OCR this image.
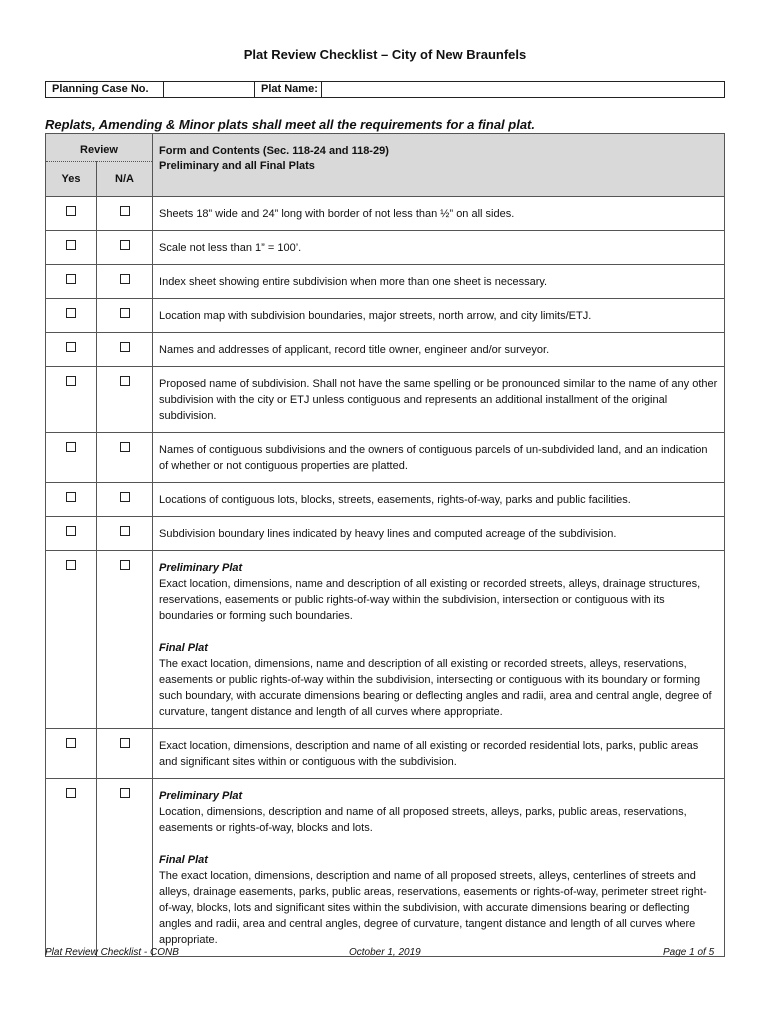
Plat Review Checklist – City of New Braunfels
Planning Case No.	Plat Name:
Replats, Amending & Minor plats shall meet all the requirements for a final plat.
Review		Form and Contents (Sec. 118-24 and 118-29)
Preliminary and all Final Plats
Yes	N/A	
		Sheets 18” wide and 24” long with border of not less than ½” on all sides.
		Scale not less than 1” = 100’.
		Index sheet showing entire subdivision when more than one sheet is necessary.
		Location map with subdivision boundaries, major streets, north arrow, and city limits/ETJ.
		Names and addresses of applicant, record title owner, engineer and/or surveyor.
		Proposed name of subdivision. Shall not have the same spelling or be pronounced similar to the name of any other subdivision with the city or ETJ unless contiguous and represents an additional installment of the original subdivision.
		Names of contiguous subdivisions and the owners of contiguous parcels of un-subdivided land, and an indication of whether or not contiguous properties are platted.
		Locations of contiguous lots, blocks, streets, easements, rights-of-way, parks and public facilities.
		Subdivision boundary lines indicated by heavy lines and computed acreage of the subdivision.

		Preliminary Plat
Exact location, dimensions, name and description of all existing or recorded streets, alleys, drainage structures, reservations, easements or public rights-of-way within the subdivision, intersection or contiguous with its boundaries or forming such boundaries.
Final Plat
The exact location, dimensions, name and description of all existing or recorded streets, alleys, reservations, easements or public rights-of-way within the subdivision, intersecting or contiguous with its boundary or forming such boundary, with accurate dimensions bearing or deflecting angles and radii, area and central angle, degree of curvature, tangent distance and length of all curves where appropriate.

		Exact location, dimensions, description and name of all existing or recorded residential lots, parks, public areas and significant sites within or contiguous with the subdivision.

		Preliminary Plat
Location, dimensions, description and name of all proposed streets, alleys, parks, public areas, reservations, easements or rights-of-way, blocks and lots.
Final Plat
The exact location, dimensions, description and name of all proposed streets, alleys, centerlines of streets and alleys, drainage easements, parks, public areas, reservations, easements or rights-of-way, perimeter street right-of-way, blocks, lots and significant sites within the subdivision, with accurate dimensions bearing or deflecting angles and radii, area and central angles, degree of curvature, tangent distance and length of all curves where appropriate.
Plat Review Checklist - CONB	October 1, 2019	Page 1 of 5
